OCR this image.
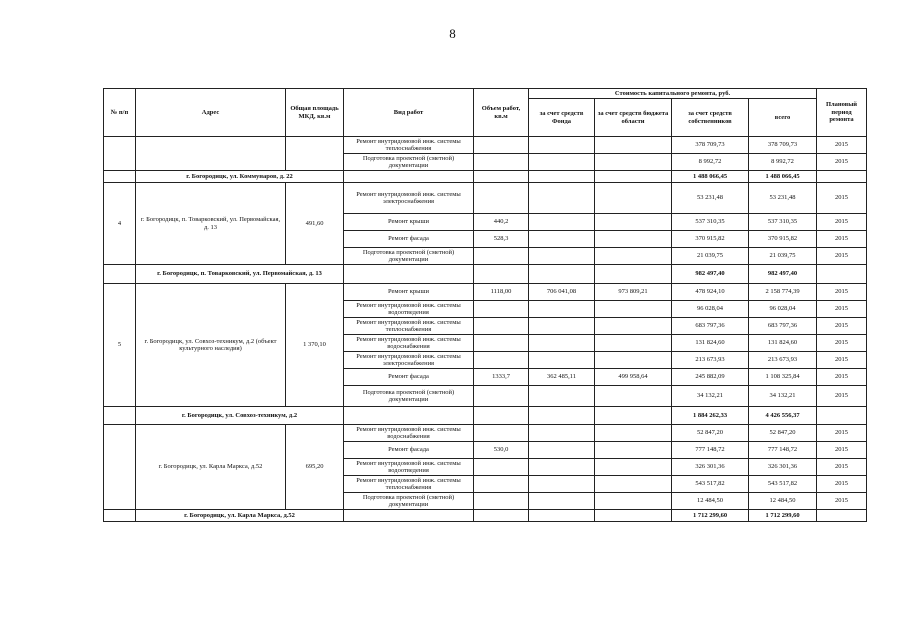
8
№ п/п	Адрес	Общая площадь МКД, кв.м	Вид работ	Объем работ, кв.м	Стоимость капитального ремонта, руб.				Плановый период ремонта
					за счет средств Фонда	за счет средств бюджета области	за счет средств собственников	всего	
			Ремонт внутридомовой инж. системы теплоснабжения				378 709,73	378 709,73	2015
			Подготовка проектной (сметной) документации				8 992,72	8 992,72	2015
	г. Богородицк, ул. Коммунаров, д. 22						1 488 066,45	1 488 066,45	
4	г. Богородицк, п. Товарковский, ул. Первомайская, д. 13	491,60	Ремонт внутридомовой инж. системы электроснабжения				53 231,48	53 231,48	2015
			Ремонт крыши	440,2			537 310,35	537 310,35	2015
			Ремонт фасада	528,3			370 915,82	370 915,82	2015
			Подготовка проектной (сметной) документации				21 039,75	21 039,75	2015
	г. Богородицк, п. Товарковский, ул. Первомайская, д. 13						982 497,40	982 497,40	
5	г. Богородицк, ул. Совхоз-техникум, д.2 (объект культурного наследия)	1 370,10	Ремонт крыши	1118,00	706 041,08	973 809,21	478 924,10	2 158 774,39	2015
			Ремонт внутридомовой инж. системы водоотведения				96 028,04	96 028,04	2015
			Ремонт внутридомовой инж. системы теплоснабжения				683 797,36	683 797,36	2015
			Ремонт внутридомовой инж. системы водоснабжения				131 824,60	131 824,60	2015
			Ремонт внутридомовой инж. системы электроснабжения				213 673,93	213 673,93	2015
			Ремонт фасада	1333,7	362 485,11	499 958,64	245 882,09	1 108 325,84	2015
			Подготовка проектной (сметной) документации				34 132,21	34 132,21	2015
	г. Богородицк, ул. Совхоз-техникум, д.2						1 884 262,33	4 426 556,37	
	г. Богородицк, ул. Карла Маркса, д.52	695,20	Ремонт внутридомовой инж. системы водоснабжения				52 847,20	52 847,20	2015
			Ремонт фасада	530,0			777 148,72	777 148,72	2015
			Ремонт внутридомовой инж. системы водоотведения				326 301,36	326 301,36	2015
			Ремонт внутридомовой инж. системы теплоснабжения				543 517,82	543 517,82	2015
			Подготовка проектной (сметной) документации				12 484,50	12 484,50	2015
	г. Богородицк, ул. Карла Маркса, д.52						1 712 299,60	1 712 299,60	
